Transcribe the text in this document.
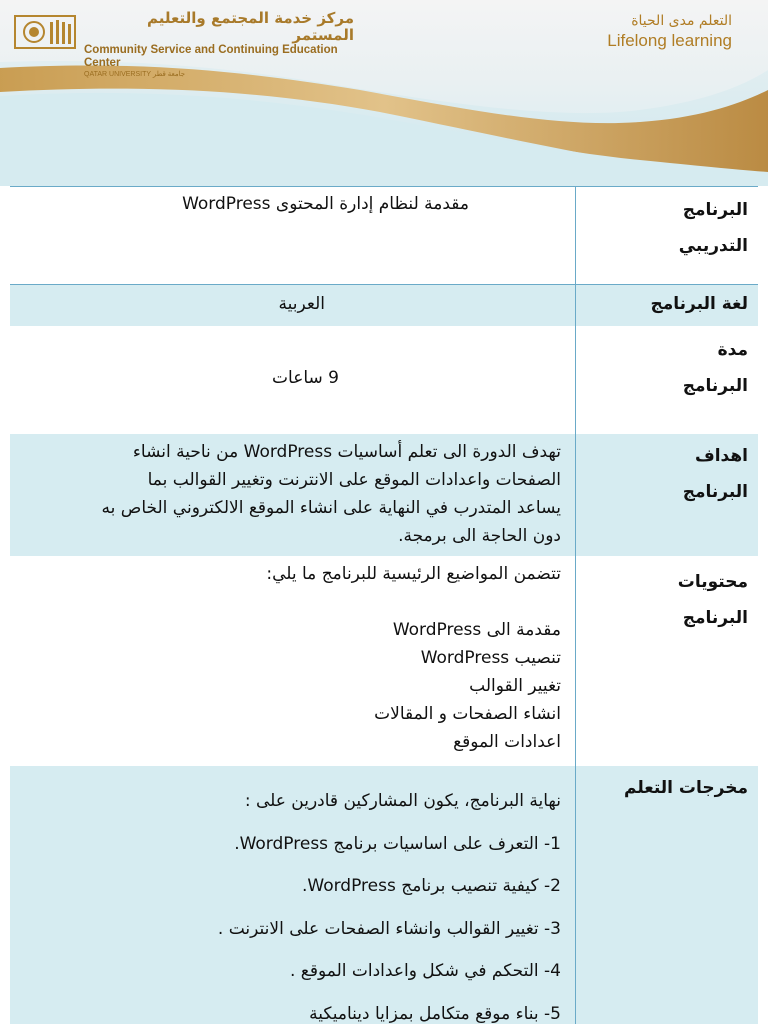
مركز خدمة المجتمع والتعليم المستمر
Community Service and Continuing Education Center
QATAR UNIVERSITY جامعة قطر
التعلم مدى الحياة
Lifelong learning
البرنامج
التدريبي
مقدمة لنظام إدارة المحتوى WordPress
لغة البرنامج
العربية
مدة
البرنامج
9 ساعات
اهداف
البرنامج
تهدف الدورة الى تعلم أساسيات WordPress من ناحية انشاء
الصفحات واعدادات الموقع على الانترنت وتغيير القوالب بما
يساعد المتدرب في النهاية على انشاء الموقع الالكتروني الخاص به
دون الحاجة الى برمجة.
محتويات
البرنامج
تتضمن المواضيع الرئيسية للبرنامج ما يلي:
مقدمة الى WordPress
تنصيب WordPress
تغيير القوالب
انشاء الصفحات و المقالات
اعدادات الموقع
مخرجات التعلم
نهاية البرنامج، يكون المشاركين قادرين على :
1- التعرف على اساسيات برنامج WordPress.
2- كيفية تنصيب برنامج WordPress.
3- تغيير القوالب وانشاء الصفحات على الانترنت .
4- التحكم في شكل واعدادات الموقع .
5- بناء موقع متكامل بمزايا ديناميكية
